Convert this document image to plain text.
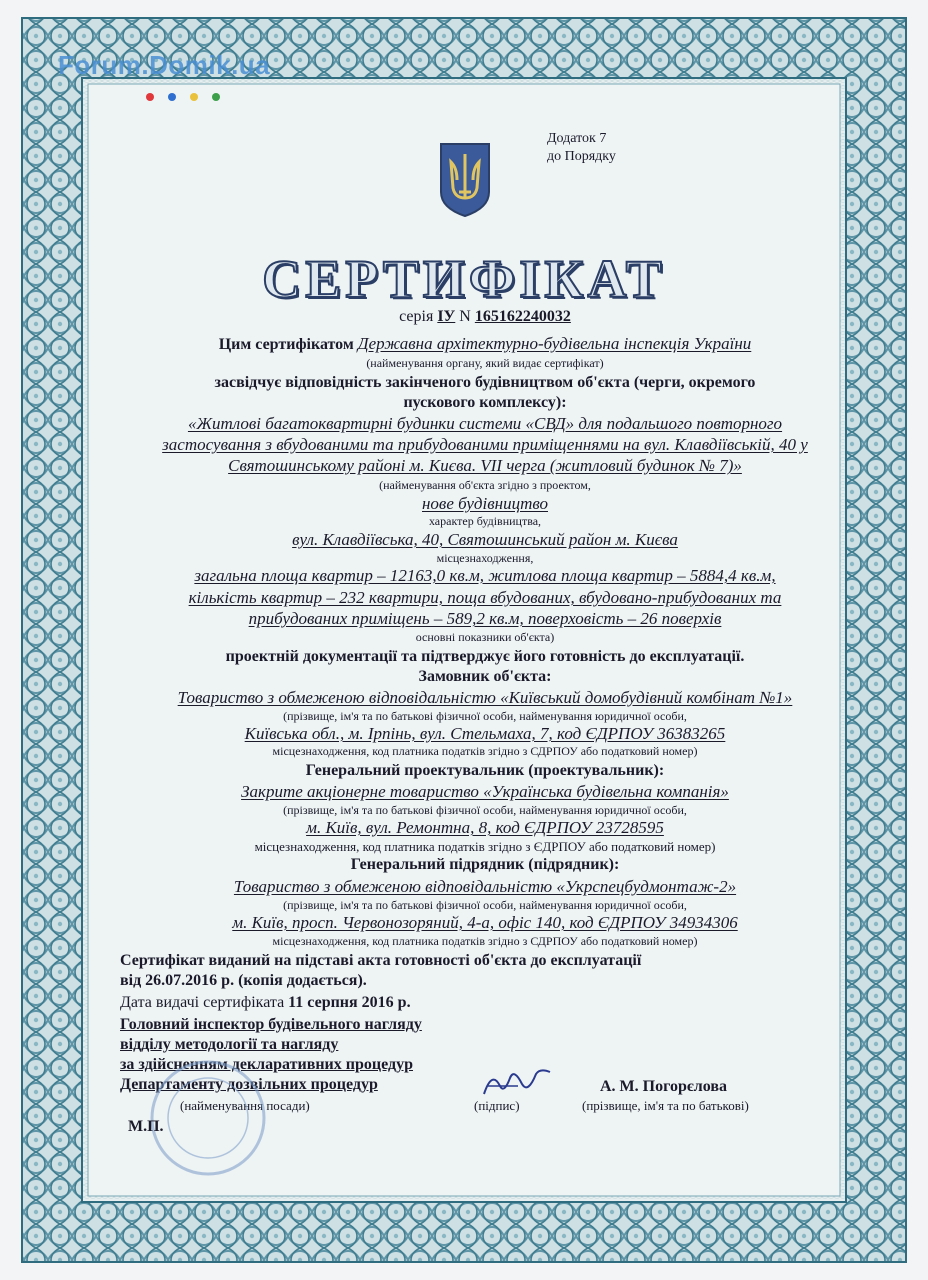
Forum.Domik.ua
Додаток 7
до Порядку
СЕРТИФІКАТ
серія ІУ N 165162240032
Цим сертифікатом Державна архітектурно-будівельна інспекція України
(найменування органу, який видає сертифікат)
засвідчує відповідність закінченого будівництвом об'єкта (черги, окремого
пускового комплексу):
«Житлові багатоквартирні будинки системи «СВД» для подальшого повторного
застосування з вбудованими та прибудованими приміщеннями на вул. Клавдіївській, 40 у
Святошинському районі м. Києва. VII черга (житловий будинок № 7)»
(найменування об'єкта згідно з проектом,
нове будівництво
характер будівництва,
вул. Клавдіївська, 40, Святошинський район м. Києва
місцезнаходження,
загальна площа квартир – 12163,0 кв.м, житлова площа квартир – 5884,4 кв.м,
кількість квартир – 232 квартири, поща вбудованих, вбудовано-прибудованих та
прибудованих приміщень – 589,2 кв.м, поверховість – 26 поверхів
основні показники об'єкта)
проектній документації та підтверджує його готовність до експлуатації.
Замовник об'єкта:
Товариство з обмеженою відповідальністю «Київський домобудівний комбінат №1»
(прізвище, ім'я та по батькові фізичної особи, найменування юридичної особи,
Київська обл., м. Ірпінь, вул. Стельмаха, 7, код ЄДРПОУ 36383265
місцезнаходження, код платника податків згідно з СДРПОУ або податковий номер)
Генеральний проектувальник (проектувальник):
Закрите акціонерне товариство «Українська будівельна компанія»
(прізвище, ім'я та по батькові фізичної особи, найменування юридичної особи,
м. Київ, вул. Ремонтна, 8, код ЄДРПОУ 23728595
місцезнаходження, код платника податків згідно з ЄДРПОУ або податковий номер)
Генеральний підрядник (підрядник):
Товариство з обмеженою відповідальністю «Укрспецбудмонтаж-2»
(прізвище, ім'я та по батькові фізичної особи, найменування юридичної особи,
м. Київ, просп. Червонозоряний, 4-а, офіс 140, код ЄДРПОУ 34934306
місцезнаходження, код платника податків згідно з СДРПОУ або податковий номер)
Сертифікат виданий на підставі акта готовності об'єкта до експлуатації
від 26.07.2016 р. (копія додається).
Дата видачі сертифіката 11 серпня 2016 р.
Головний інспектор будівельного нагляду
відділу методології та нагляду
за здійсненням декларативних процедур
Департаменту дозвільних процедур
(найменування посади)	(підпис)
А. М. Погорєлова
(прізвище, ім'я та по батькові)
М.П.
